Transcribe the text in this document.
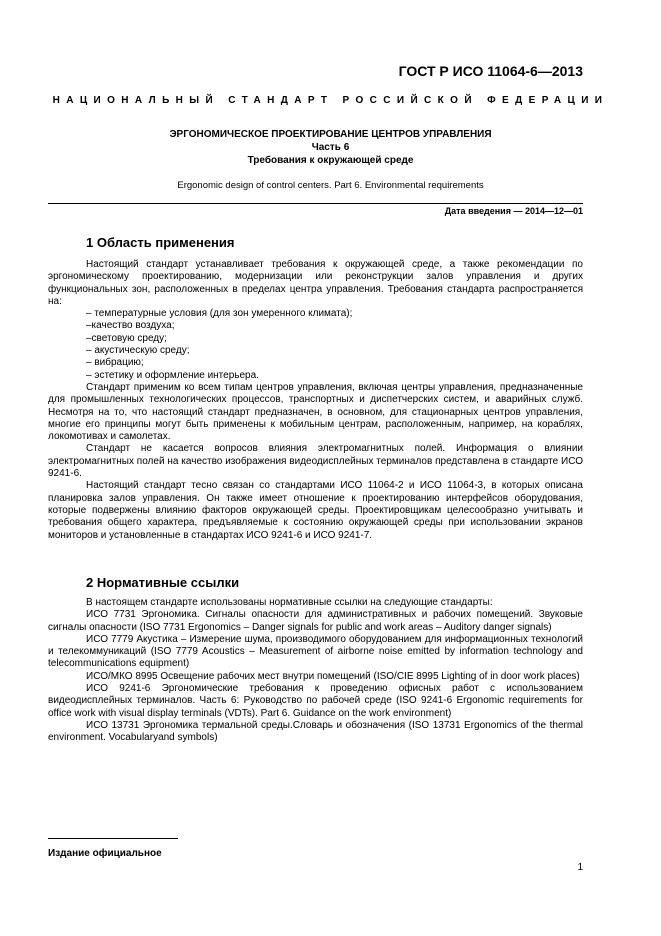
ГОСТ Р ИСО 11064-6—2013
НАЦИОНАЛЬНЫЙ СТАНДАРТ РОССИЙСКОЙ ФЕДЕРАЦИИ
ЭРГОНОМИЧЕСКОЕ ПРОЕКТИРОВАНИЕ ЦЕНТРОВ УПРАВЛЕНИЯ
Часть 6
Требования к окружающей среде
Ergonomic design of control centers. Part 6. Environmental requirements
Дата введения — 2014—12—01
1 Область применения

Настоящий стандарт устанавливает требования к окружающей среде, а также рекомендации по эргономическому проектированию, модернизации или реконструкции залов управления и других функциональных зон, расположенных в пределах центра управления. Требования стандарта распространяется на:

– температурные условия (для зон умеренного климата);
–качество воздуха;
–световую среду;
– акустическую среду;
– вибрацию;
– эстетику и оформление интерьера.

Стандарт применим ко всем типам центров управления, включая центры управления, предназначенные для промышленных технологических процессов, транспортных и диспетчерских систем, и аварийных служб. Несмотря на то, что настоящий стандарт предназначен, в основном, для стационарных центров управления, многие его принципы могут быть применены к мобильным центрам, расположенным, например, на кораблях, локомотивах и самолетах.

Стандарт не касается вопросов влияния электромагнитных полей. Информация о влиянии электромагнитных полей на качество изображения видеодисплейных терминалов представлена в стандарте ИСО 9241-6.

Настоящий стандарт тесно связан со стандартами ИСО 11064-2 и ИСО 11064-3, в которых описана планировка залов управления. Он также имеет отношение к проектированию интерфейсов оборудования, которые подвержены влиянию факторов окружающей среды. Проектировщикам целесообразно учитывать и требования общего характера, предъявляемые к состоянию окружающей среды при использовании экранов мониторов и установленные в стандартах ИСО 9241-6 и ИСО 9241-7.

2 Нормативные ссылки

В настоящем стандарте использованы нормативные ссылки на следующие стандарты:

ИСО 7731 Эргономика. Сигналы опасности для административных и рабочих помещений. Звуковые сигналы опасности (ISO 7731 Ergonomics – Danger signals for public and work areas – Auditory danger signals)

ИСО 7779 Акустика – Измерение шума, производимого оборудованием для информационных технологий и телекоммуникаций (ISO 7779 Acoustics – Measurement of airborne noise emitted by information technology and telecommunications equipment)

ИСО/МКО 8995 Освещение рабочих мест внутри помещений (ISO/CIE 8995 Lighting of in door work places)

ИСО 9241-6 Эргономические требования к проведению офисных работ с использованием видеодисплейных терминалов. Часть 6: Руководство по рабочей среде (ISO 9241-6 Ergonomic requirements for office work with visual display terminals (VDTs). Part 6. Guidance on the work environment)

ИСО 13731 Эргономика термальной среды.Словарь и обозначения (ISO 13731 Ergonomics of the thermal environment. Vocabularyand symbols)

Издание официальное
1
